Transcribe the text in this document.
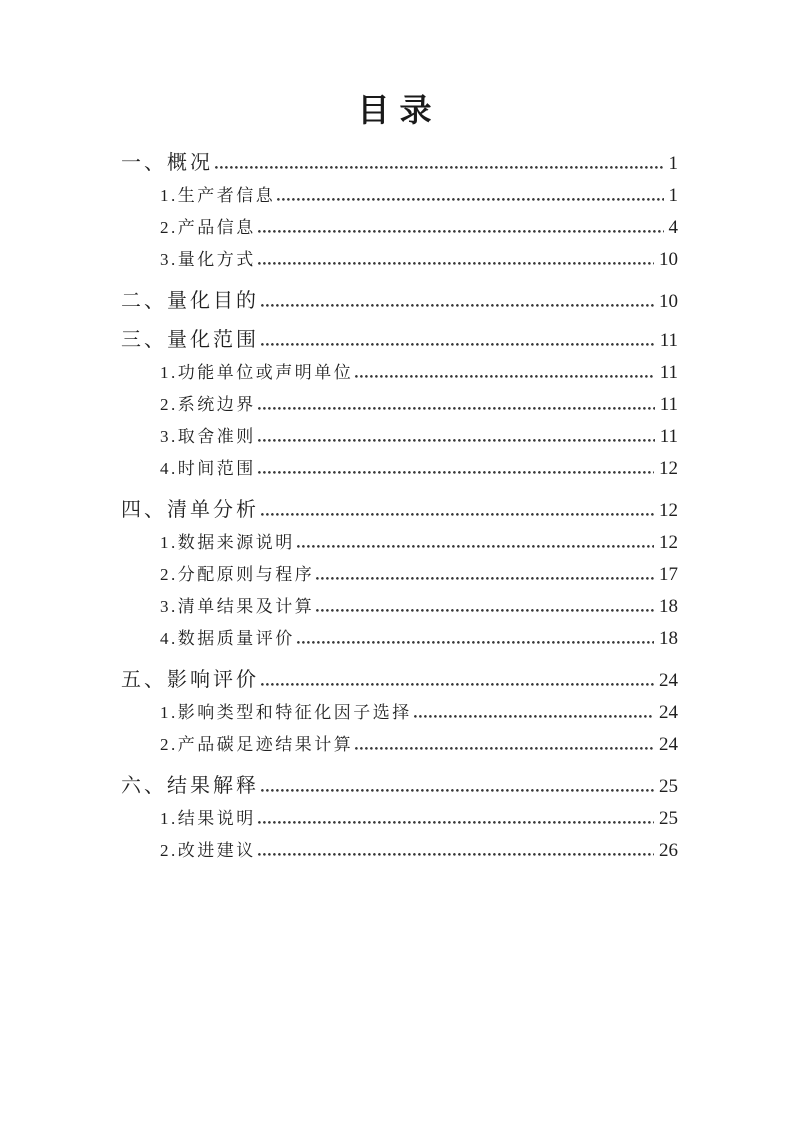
目录
一、概况	1
1.生产者信息	1
2.产品信息	4
3.量化方式	10
二、量化目的	10
三、量化范围	11
1.功能单位或声明单位	11
2.系统边界	11
3.取舍准则	11
4.时间范围	12
四、清单分析	12
1.数据来源说明	12
2.分配原则与程序	17
3.清单结果及计算	18
4.数据质量评价	18
五、影响评价	24
1.影响类型和特征化因子选择	24
2.产品碳足迹结果计算	24
六、结果解释	25
1.结果说明	25
2.改进建议	26
